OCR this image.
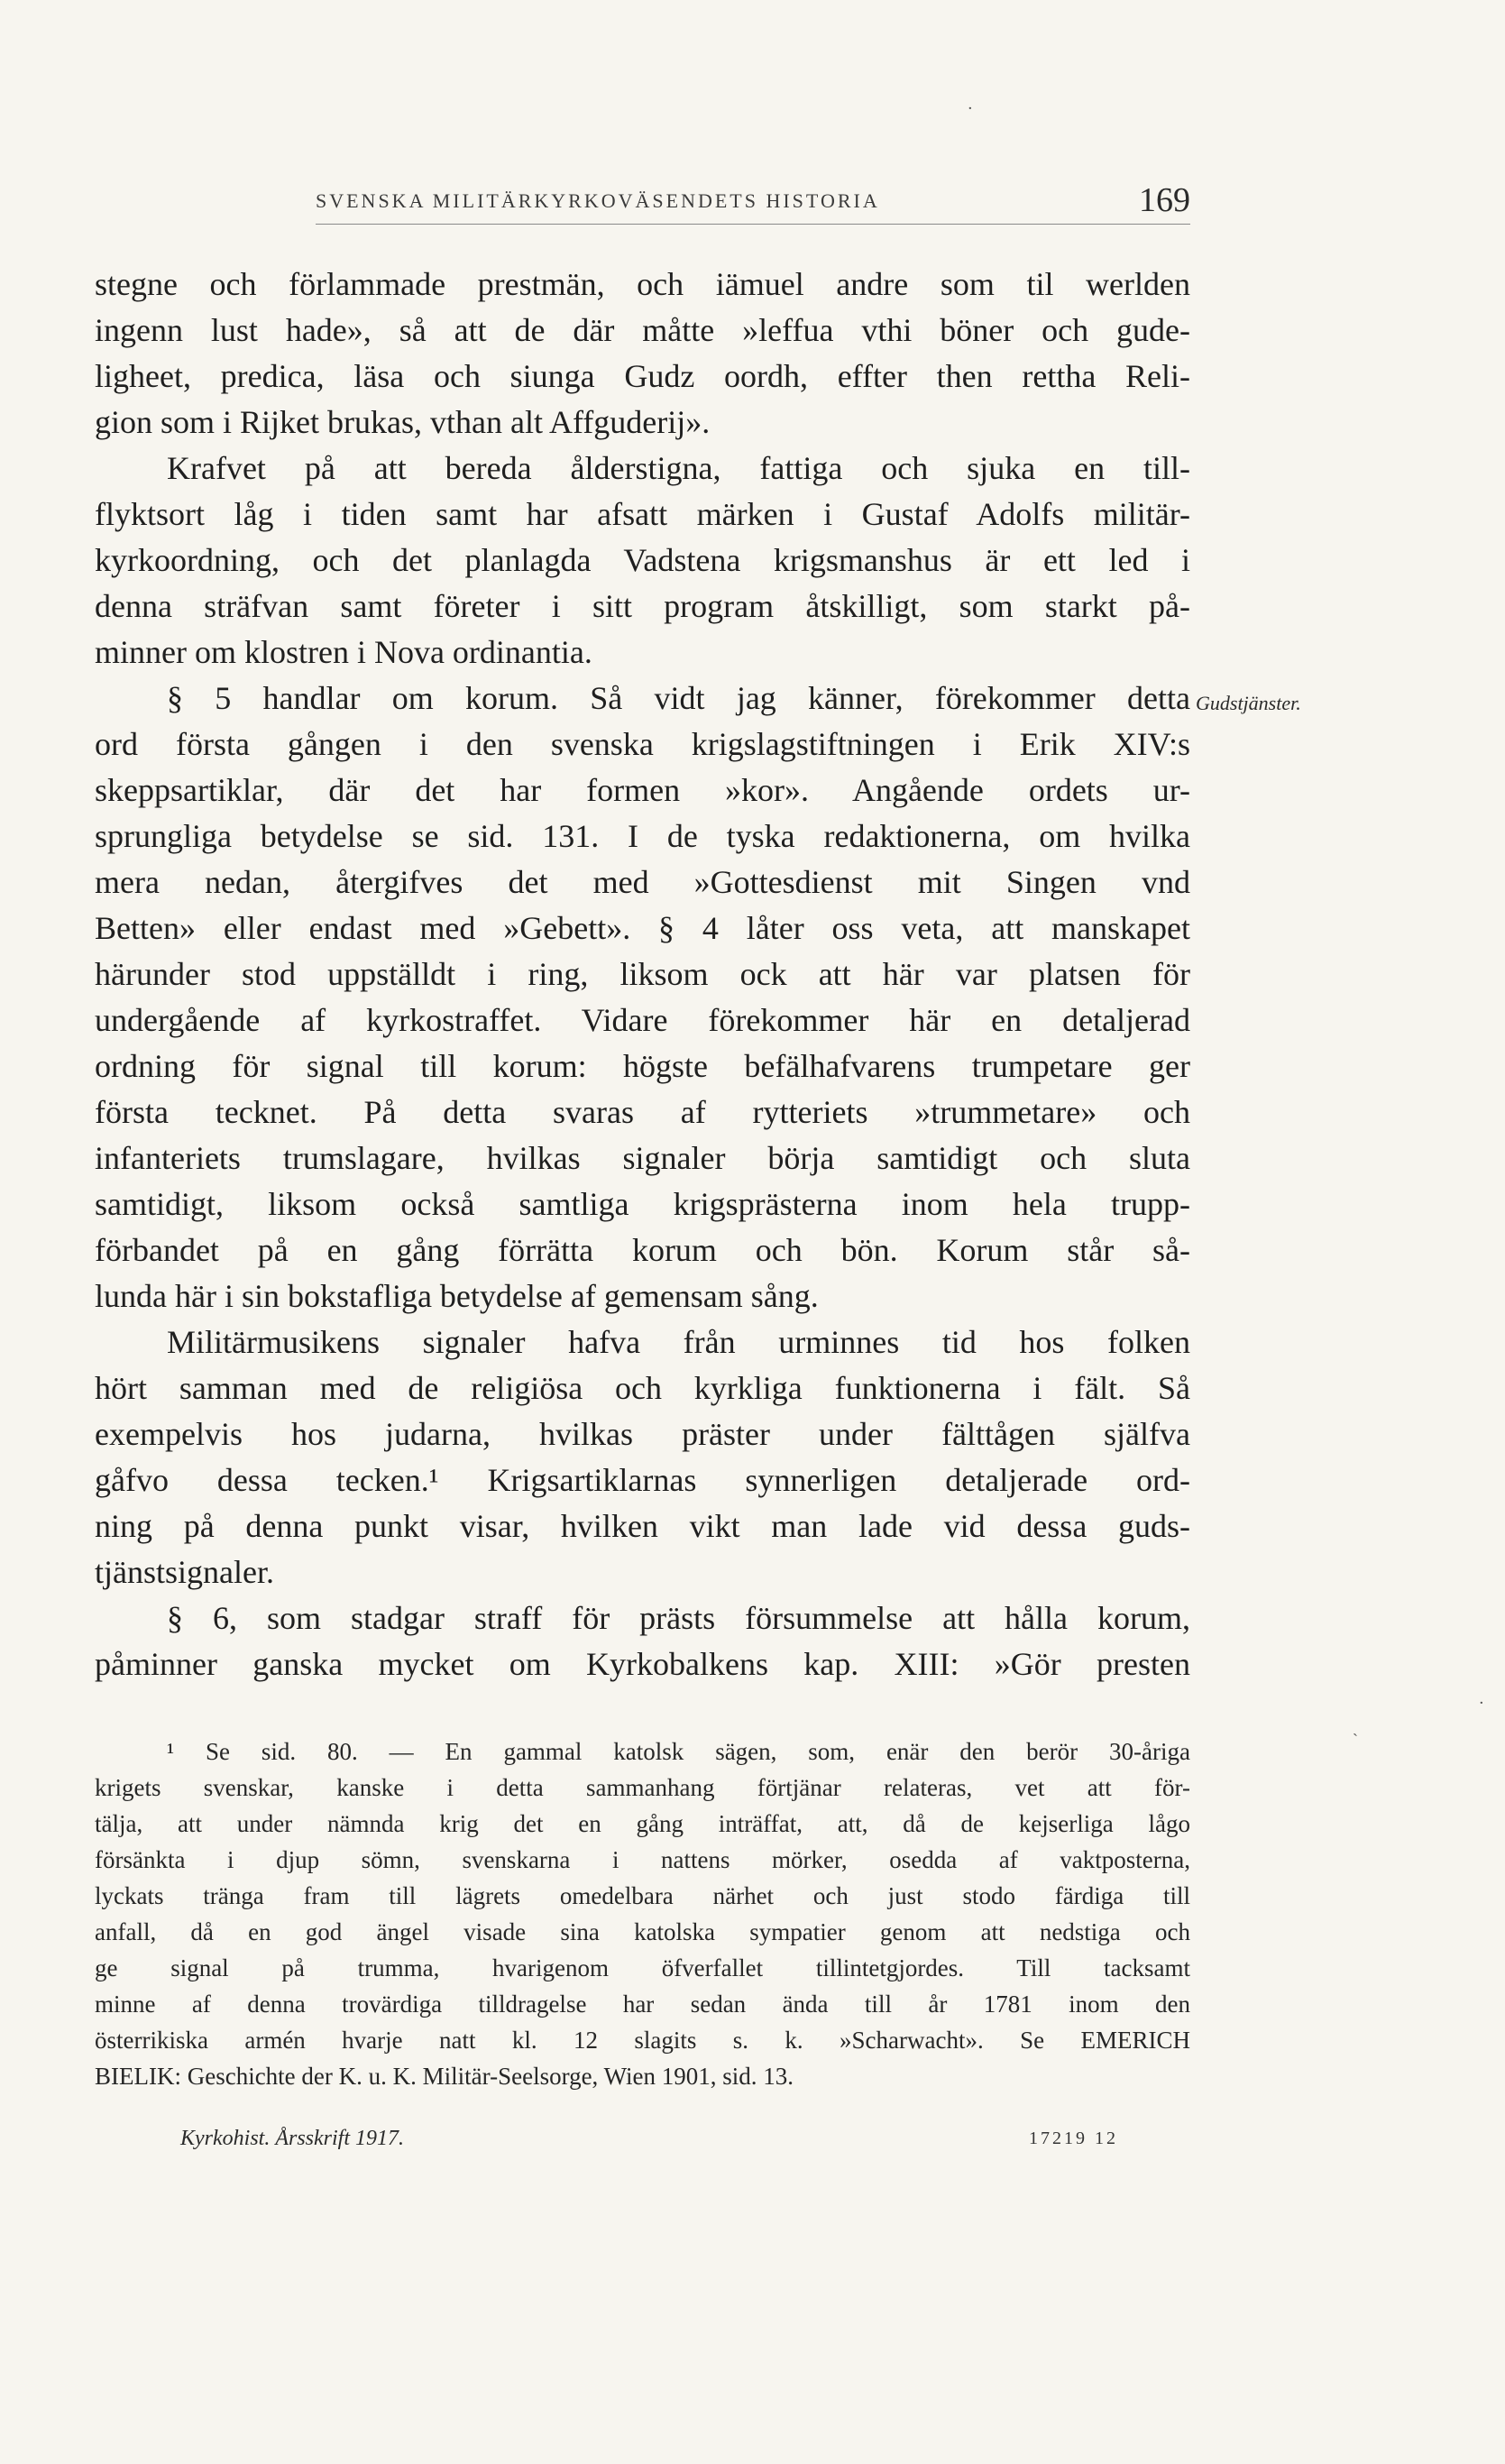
SVENSKA MILITÄRKYRKOVÄSENDETS HISTORIA	169
stegne och förlammade prestmän, och iämuel andre som til werlden
ingenn lust hade», så att de där måtte »leffua vthi böner och gude-
ligheet, predica, läsa och siunga Gudz oordh, effter then rettha Reli-
gion som i Rijket brukas, vthan alt Affguderij».
Krafvet på att bereda ålderstigna, fattiga och sjuka en till-
flyktsort låg i tiden samt har afsatt märken i Gustaf Adolfs militär-
kyrkoordning, och det planlagda Vadstena krigsmanshus är ett led i
denna sträfvan samt företer i sitt program åtskilligt, som starkt på-
minner om klostren i Nova ordinantia.
§ 5 handlar om korum. Så vidt jag känner, förekommer detta
ord första gången i den svenska krigslagstiftningen i Erik XIV:s
skeppsartiklar, där det har formen »kor». Angående ordets ur-
sprungliga betydelse se sid. 131. I de tyska redaktionerna, om hvilka
mera nedan, återgifves det med »Gottesdienst mit Singen vnd
Betten» eller endast med »Gebett». § 4 låter oss veta, att manskapet
härunder stod uppställdt i ring, liksom ock att här var platsen för
undergående af kyrkostraffet. Vidare förekommer här en detaljerad
ordning för signal till korum: högste befälhafvarens trumpetare ger
första tecknet. På detta svaras af rytteriets »trummetare» och
infanteriets trumslagare, hvilkas signaler börja samtidigt och sluta
samtidigt, liksom också samtliga krigsprästerna inom hela trupp-
förbandet på en gång förrätta korum och bön. Korum står så-
lunda här i sin bokstafliga betydelse af gemensam sång.
Militärmusikens signaler hafva från urminnes tid hos folken
hört samman med de religiösa och kyrkliga funktionerna i fält. Så
exempelvis hos judarna, hvilkas präster under fälttågen själfva
gåfvo dessa tecken.¹ Krigsartiklarnas synnerligen detaljerade ord-
ning på denna punkt visar, hvilken vikt man lade vid dessa guds-
tjänstsignaler.
§ 6, som stadgar straff för prästs försummelse att hålla korum,
påminner ganska mycket om Kyrkobalkens kap. XIII: »Gör presten
Gudstjänster.
¹ Se sid. 80. — En gammal katolsk sägen, som, enär den berör 30-åriga
krigets svenskar, kanske i detta sammanhang förtjänar relateras, vet att för-
tälja, att under nämnda krig det en gång inträffat, att, då de kejserliga lågo
försänkta i djup sömn, svenskarna i nattens mörker, osedda af vaktposterna,
lyckats tränga fram till lägrets omedelbara närhet och just stodo färdiga till
anfall, då en god ängel visade sina katolska sympatier genom att nedstiga och
ge signal på trumma, hvarigenom öfverfallet tillintetgjordes. Till tacksamt
minne af denna trovärdiga tilldragelse har sedan ända till år 1781 inom den
österrikiska armén hvarje natt kl. 12 slagits s. k. »Scharwacht». Se EMERICH
BIELIK: Geschichte der K. u. K. Militär-Seelsorge, Wien 1901, sid. 13.
Kyrkohist. Årsskrift 1917.	17219 12
·
ˏ
·
